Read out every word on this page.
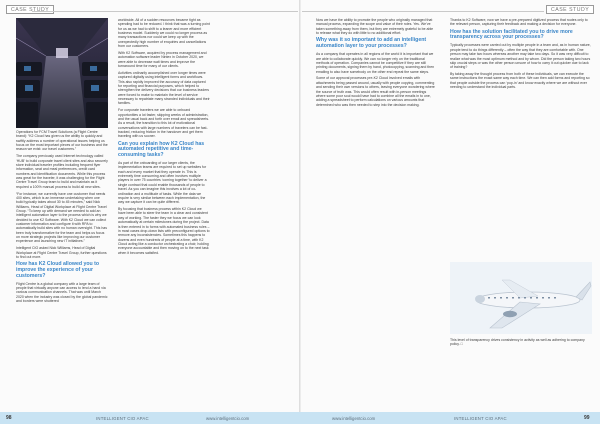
CASE STUDY	CASE STUDY

Operations for FCM Travel Solutions (a Flight Centre brand): “K2 Cloud has given us the ability to quickly and swiftly address a number of operational issues helping us focus on the most important pieces of our business and the reason we exist: our travel customers.”

The company previously used Internet technology called ‘HUB’ to build corporate travel client sites and also securely store individual traveler profiles including frequent flyer information, seat and meal preferences, credit card numbers and identification documents. While this process was great for the traveler, it was challenging for the Flight Centre Travel Group team to build and maintain as it required a 100% manual process to build all new sites.

“For instance, we currently have one customer that needs 400 sites, which is an immense undertaking when one build typically takes about 30 to 45 minutes,” said Nick Williams, Head of Digital Workplace at Flight Centre Travel Group. “To keep up with demand we needed to add an intelligent automation layer to the process which is why we decided to use K2 Software. With K2 Cloud we can collect customer information and configure it with RPA to automatically build sites with no human oversight. This has been truly transformative for the team and helps us focus on more strategic projects like improving our customer experience and launching new IT initiatives.”

Intelligent CIO asked Nick Williams, Head of Digital Workplace at Flight Centre Travel Group, further questions to find out more.

How has K2 Cloud allowed you to improve the experience of your customers?

Flight Centre is a global company with a large team of people that virtually anyone can access to lend a hand via various communication channels. That was until March 2020 when the industry was closed by the global pandemic and borders were shuttered

worldwide. All of a sudden resources became tight as spending had to be reduced. I think that was a turning point for us as we had to shift to a leaner and more efficient business model. Suddenly we could no longer process as many transactions nor could we keep up with the unexpectedly high number of enquiries and cancellations from our customers.

With K2 Software, acquired by process management and automation software leader Nintex in October 2020, we were able to decrease wait times and improve the turnaround time for many of our clients.

Activities ordinarily accomplished over longer times were captured digitally using intelligent forms and workflows. This also rapidly improved the accuracy of data captured for reporting and financial purposes, which helped to strengthen the delivery decisions that our business leaders were forced to make to maintain the level of service necessary to repatriate many stranded individuals and their families.

For corporate travelers we are able to onboard opportunities a lot faster, skipping weeks of administration, and the usual back and forth over email and spreadsheets. As a result, the transition to this lot of motivational conversations with large numbers of travelers can be fast-tracked, reducing friction in the handover and get them traveling with us sooner.

Can you explain how K2 Cloud has automated repetitive and time-consuming tasks?

As part of the onboarding of our larger clients, the implementation teams are required to set up websites for each and every market that they operate in. This is extremely time consuming and often involves multiple players in over 75 countries ‘coming together’ to deliver a single contract that could enable thousands of people to travel. As you can imagine this involves a lot of co-ordination and a multitude of tasks. While the data we require is very similar between each implementation, the way we capture it can be quite different.

By focusing that business process within K2 Cloud we have been able to steer the team in a clear and consistent way of working. The faster they we focus we can look automatically at certain milestones during the project. Data is then entered in to forms with automated business rules – in most cases drop-down lists with preconfigured options to remove any inconsistencies. Sometimes this happens to dozens and even hundreds of people at a time, with K2 Cloud acting like a conductor orchestrating a choir, holding everyone accountable and then moving on to the next task when it becomes satisfied.

Now we have the ability to promote the people who originally managed that manual process, expanding the scope and value of their roles. Yes. We’ve taken something away from them, but they are extremely grateful to be able to release what they do with little to no additional effort.

Why was it so important to add an intelligent automation layer to your processes?

As a company that operates in all regions of the world it is important that we are able to collaborate quickly. We can no longer rely on the traditional methods of operation. Companies cannot be competitive if they are still printing documents, signing them by hand, photocopying, scanning and then emailing to also have somebody on the other end repeat the same steps.

Some of our approval processes pre-K2 Cloud involved emails with attachments being passed around, usually with people copying, commenting and sending their own versions to others, leaving everyone wondering where the source of truth was. This would often result with in-person meetings where some poor soul would have had to combine all the emails in to one, adding a spreadsheet to perform calculations on various amounts that determined who was then needed to step into the decision making.

Thanks to K2 Software, now we have a pre-prepared digitized process that routes only to the relevant person, capturing their feedback and making a decision for everyone.

How has the solution facilitated you to drive more transparency across your processes?

Typically processes were carried out by multiple people in a team and, as in human nature, people tend to do things differently – often the way that they are comfortable with. One person may take two hours whereas another may take two days. So it was very difficult to realize what was the most optimum method and by whom. Did the person taking two hours skip crucial steps or was the other person unsure of how to carry it out quicker due to lack of training?

By taking away the thought process from both of these individuals, we can execute the same instructions the exact same way each time. We can then add forms and reporting so that people outside the process can ‘pop-in’ and know exactly where we are without ever needing to understand the individual parts.

This level of transparency drives consistency in activity as well as adhering to company policy. □

98	INTELLIGENT CIO APAC	www.intelligentcio.com	www.intelligentcio.com	INTELLIGENT CIO APAC	99
